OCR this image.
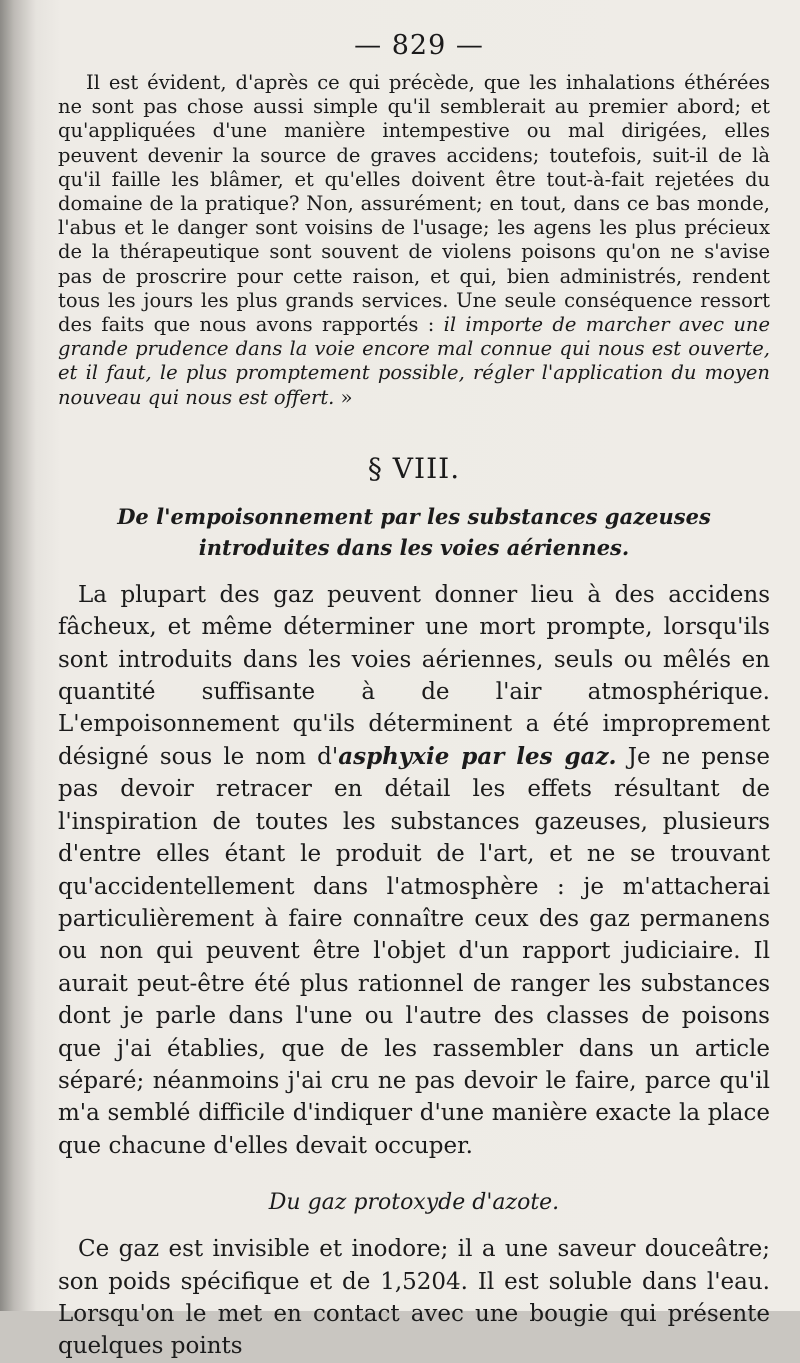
— 829 —

Il est évident, d'après ce qui précède, que les inhalations éthérées ne sont pas chose aussi simple qu'il semblerait au premier abord; et qu'appliquées d'une manière intempestive ou mal dirigées, elles peuvent devenir la source de graves accidens; toutefois, suit-il de là qu'il faille les blâmer, et qu'elles doivent être tout-à-fait rejetées du domaine de la pratique? Non, assurément; en tout, dans ce bas monde, l'abus et le danger sont voisins de l'usage; les agens les plus précieux de la thérapeutique sont souvent de violens poisons qu'on ne s'avise pas de proscrire pour cette raison, et qui, bien administrés, rendent tous les jours les plus grands services. Une seule conséquence ressort des faits que nous avons rapportés : il importe de marcher avec une grande prudence dans la voie encore mal connue qui nous est ouverte, et il faut, le plus promptement possible, régler l'application du moyen nouveau qui nous est offert. »

§ VIII.
De l'empoisonnement par les substances gazeuses introduites dans les voies aériennes.

La plupart des gaz peuvent donner lieu à des accidens fâcheux, et même déterminer une mort prompte, lorsqu'ils sont introduits dans les voies aériennes, seuls ou mêlés en quantité suffisante à de l'air atmosphérique. L'empoisonnement qu'ils déterminent a été improprement désigné sous le nom d'asphyxie par les gaz. Je ne pense pas devoir retracer en détail les effets résultant de l'inspiration de toutes les substances gazeuses, plusieurs d'entre elles étant le produit de l'art, et ne se trouvant qu'accidentellement dans l'atmosphère : je m'attacherai particulièrement à faire connaître ceux des gaz permanens ou non qui peuvent être l'objet d'un rapport judiciaire. Il aurait peut-être été plus rationnel de ranger les substances dont je parle dans l'une ou l'autre des classes de poisons que j'ai établies, que de les rassembler dans un article séparé; néanmoins j'ai cru ne pas devoir le faire, parce qu'il m'a semblé difficile d'indiquer d'une manière exacte la place que chacune d'elles devait occuper.

Du gaz protoxyde d'azote.

Ce gaz est invisible et inodore; il a une saveur douceâtre; son poids spécifique et de 1,5204. Il est soluble dans l'eau. Lorsqu'on le met en contact avec une bougie qui présente quelques points
